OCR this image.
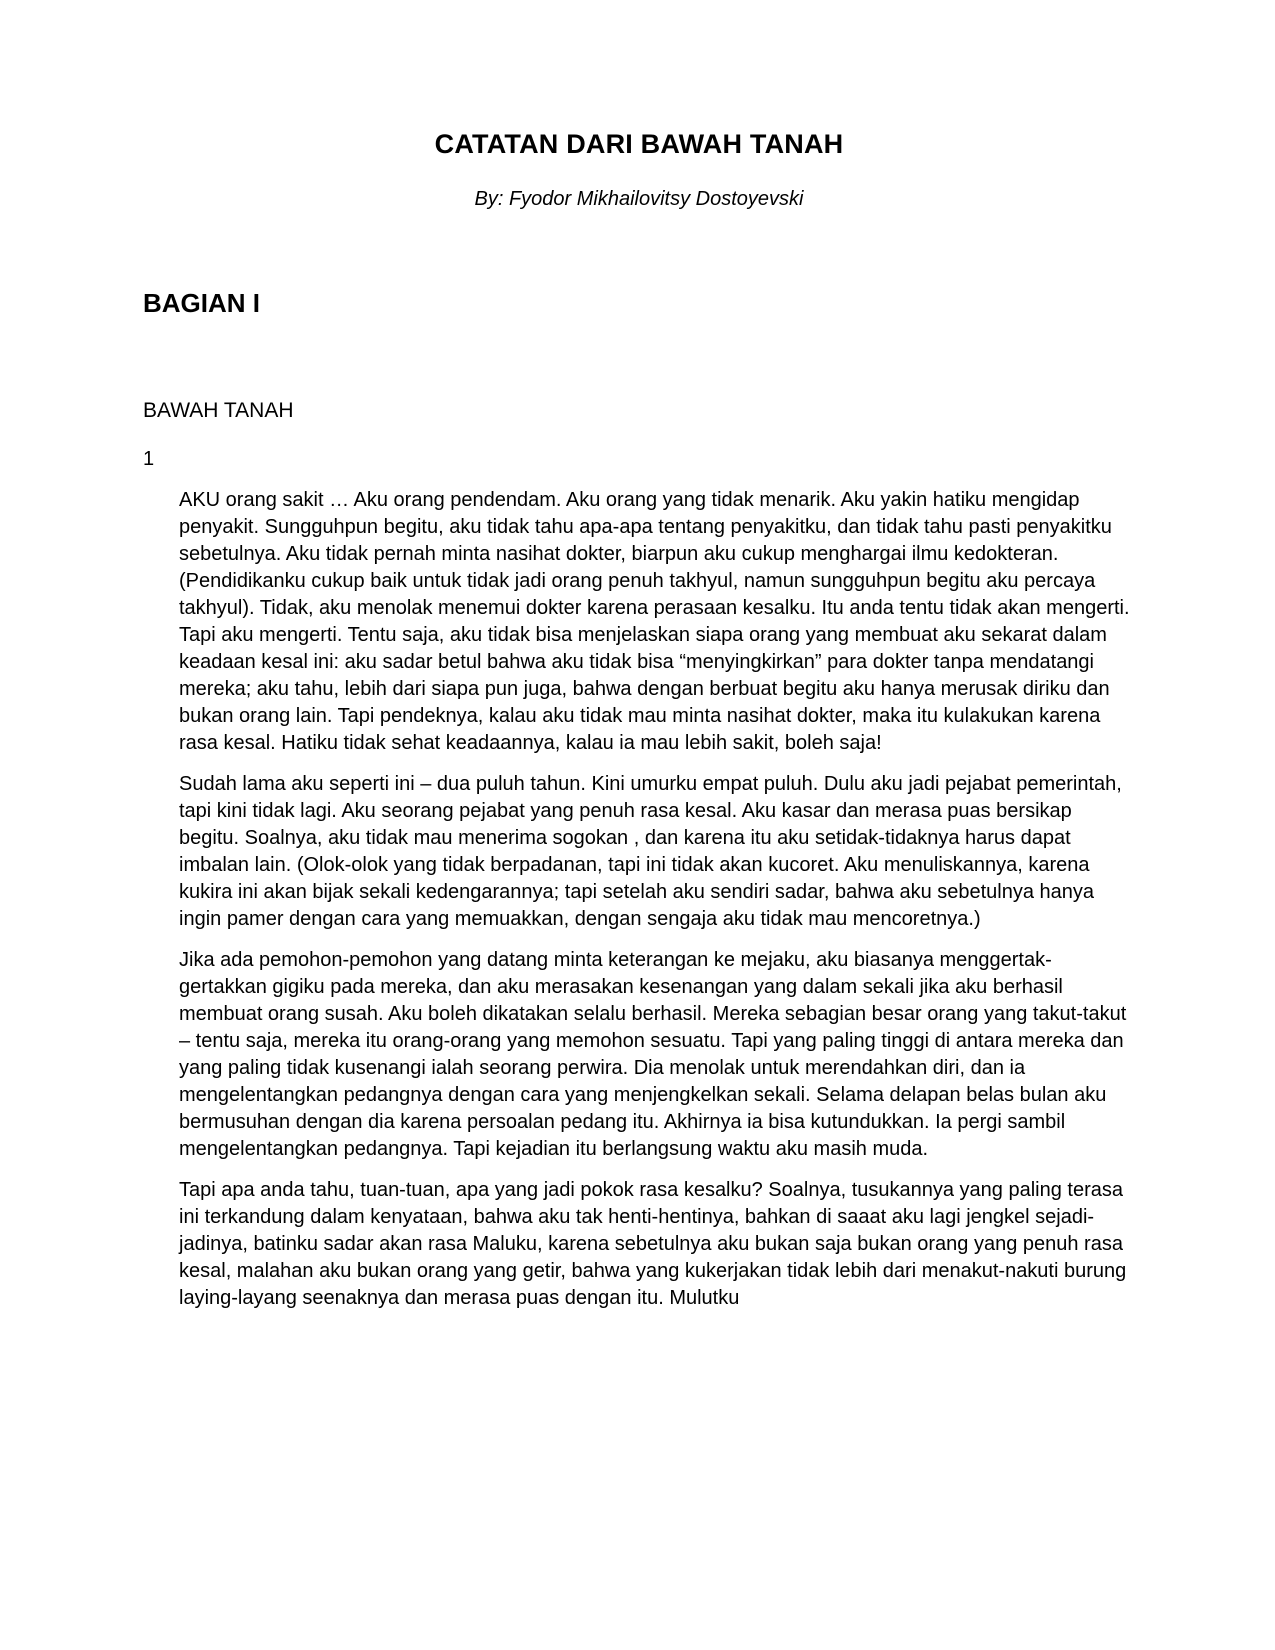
CATATAN DARI BAWAH TANAH
By: Fyodor Mikhailovitsy Dostoyevski
BAGIAN I
BAWAH TANAH
1

AKU orang sakit … Aku orang pendendam. Aku orang yang tidak menarik. Aku yakin hatiku mengidap penyakit. Sungguhpun begitu, aku tidak tahu apa-apa tentang penyakitku, dan tidak tahu pasti penyakitku sebetulnya. Aku tidak pernah minta nasihat dokter, biarpun aku cukup menghargai ilmu kedokteran. (Pendidikanku cukup baik untuk tidak jadi orang penuh takhyul, namun sungguhpun begitu aku percaya takhyul). Tidak, aku menolak menemui dokter karena perasaan kesalku. Itu anda tentu tidak akan mengerti. Tapi aku mengerti. Tentu saja, aku tidak bisa menjelaskan siapa orang yang membuat aku sekarat dalam keadaan kesal ini: aku sadar betul bahwa aku tidak bisa “menyingkirkan” para dokter tanpa mendatangi mereka; aku tahu, lebih dari siapa pun juga, bahwa dengan berbuat begitu aku hanya merusak diriku dan bukan orang lain. Tapi pendeknya, kalau aku tidak mau minta nasihat dokter, maka itu kulakukan karena rasa kesal. Hatiku tidak sehat keadaannya, kalau ia mau lebih sakit, boleh saja!

Sudah lama aku seperti ini – dua puluh tahun. Kini umurku empat puluh. Dulu aku jadi pejabat pemerintah, tapi kini tidak lagi. Aku seorang pejabat yang penuh rasa kesal. Aku kasar dan merasa puas bersikap begitu. Soalnya, aku tidak mau menerima sogokan , dan karena itu aku setidak-tidaknya harus dapat imbalan lain. (Olok-olok yang tidak berpadanan, tapi ini tidak akan kucoret. Aku menuliskannya, karena kukira ini akan bijak sekali kedengarannya; tapi setelah aku sendiri sadar, bahwa aku sebetulnya hanya ingin pamer dengan cara yang memuakkan, dengan sengaja aku tidak mau mencoretnya.)

Jika ada pemohon-pemohon yang datang minta keterangan ke mejaku, aku biasanya menggertak-gertakkan gigiku pada mereka, dan aku merasakan kesenangan yang dalam sekali jika aku berhasil membuat orang susah. Aku boleh dikatakan selalu berhasil. Mereka sebagian besar orang yang takut-takut – tentu saja, mereka itu orang-orang yang memohon sesuatu. Tapi yang paling tinggi di antara mereka dan yang paling tidak kusenangi ialah seorang perwira. Dia menolak untuk merendahkan diri, dan ia mengelentangkan pedangnya dengan cara yang menjengkelkan sekali. Selama delapan belas bulan aku bermusuhan dengan dia karena persoalan pedang itu. Akhirnya ia bisa kutundukkan. Ia pergi sambil mengelentangkan pedangnya. Tapi kejadian itu berlangsung waktu aku masih muda.

Tapi apa anda tahu, tuan-tuan, apa yang jadi pokok rasa kesalku? Soalnya, tusukannya yang paling terasa ini terkandung dalam kenyataan, bahwa aku tak henti-hentinya, bahkan di saaat aku lagi jengkel sejadi-jadinya, batinku sadar akan rasa Maluku, karena sebetulnya aku bukan saja bukan orang yang penuh rasa kesal, malahan aku bukan orang yang getir, bahwa yang kukerjakan tidak lebih dari menakut-nakuti burung laying-layang seenaknya dan merasa puas dengan itu. Mulutku
